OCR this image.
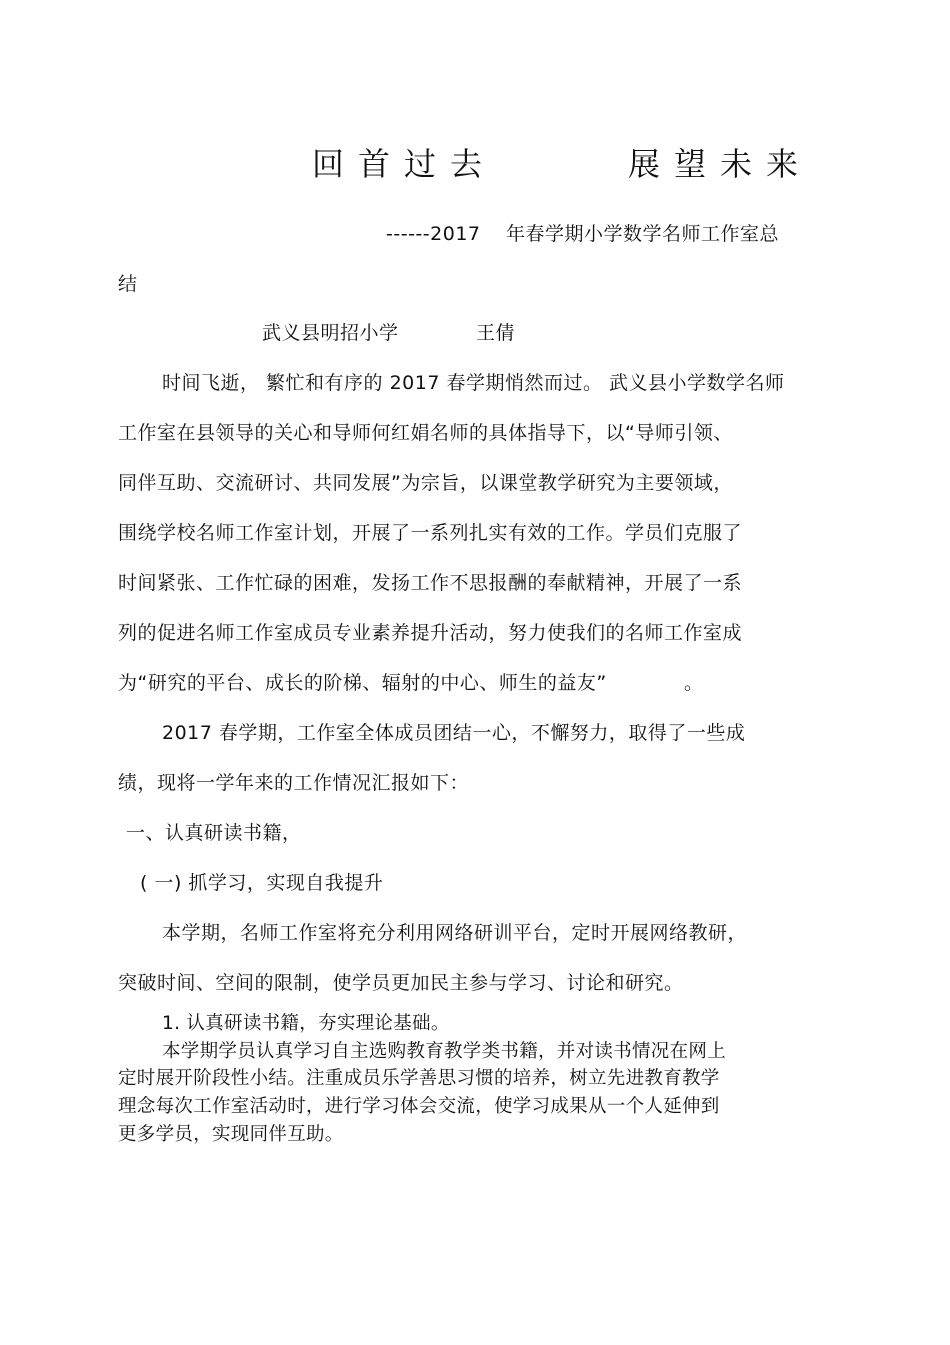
回首过去	展望未来
------2017 年春学期小学数学名师工作室总
结
武义县明招小学	王倩
时间飞逝， 繁忙和有序的 2017 春学期悄然而过。 武义县小学数学名师
工作室在县领导的关心和导师何红娟名师的具体指导下，以“导师引领、
同伴互助、交流研讨、共同发展”为宗旨，以课堂教学研究为主要领域，
围绕学校名师工作室计划，开展了一系列扎实有效的工作。学员们克服了
时间紧张、工作忙碌的困难，发扬工作不思报酬的奉献精神，开展了一系
列的促进名师工作室成员专业素养提升活动，努力使我们的名师工作室成
为“研究的平台、成长的阶梯、辐射的中心、师生的益友”	。
2017 春学期，工作室全体成员团结一心，不懈努力，取得了一些成
绩，现将一学年来的工作情况汇报如下：
一、认真研读书籍，
( 一) 抓学习，实现自我提升
本学期，名师工作室将充分利用网络研训平台，定时开展网络教研，
突破时间、空间的限制，使学员更加民主参与学习、讨论和研究。
1. 认真研读书籍，夯实理论基础。
本学期学员认真学习自主选购教育教学类书籍，并对读书情况在网上
定时展开阶段性小结。注重成员乐学善思习惯的培养，树立先进教育教学
理念每次工作室活动时，进行学习体会交流，使学习成果从一个人延伸到
更多学员，实现同伴互助。
